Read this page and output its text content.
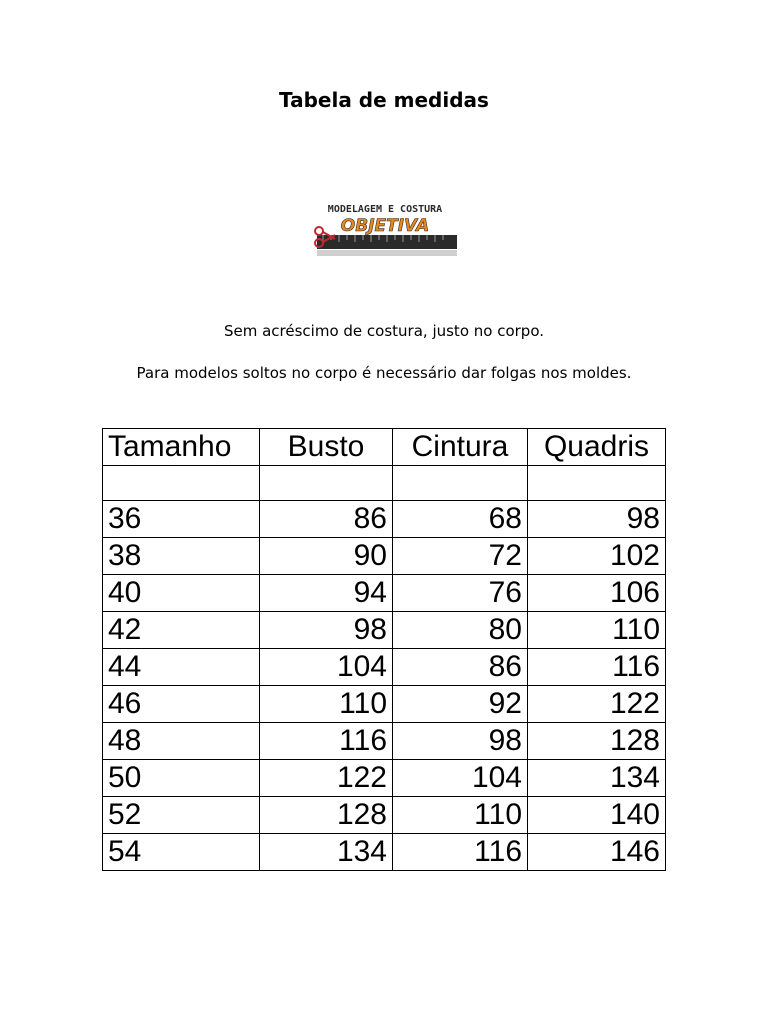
Tabela de medidas
MODELAGEM E COSTURA
OBJETIVA
Sem acréscimo de costura, justo no corpo.
Para modelos soltos no corpo é necessário dar folgas nos moldes.
Tamanho	Busto	Cintura	Quadris

36	86	68	98
38	90	72	102
40	94	76	106
42	98	80	110
44	104	86	116
46	110	92	122
48	116	98	128
50	122	104	134
52	128	110	140
54	134	116	146
